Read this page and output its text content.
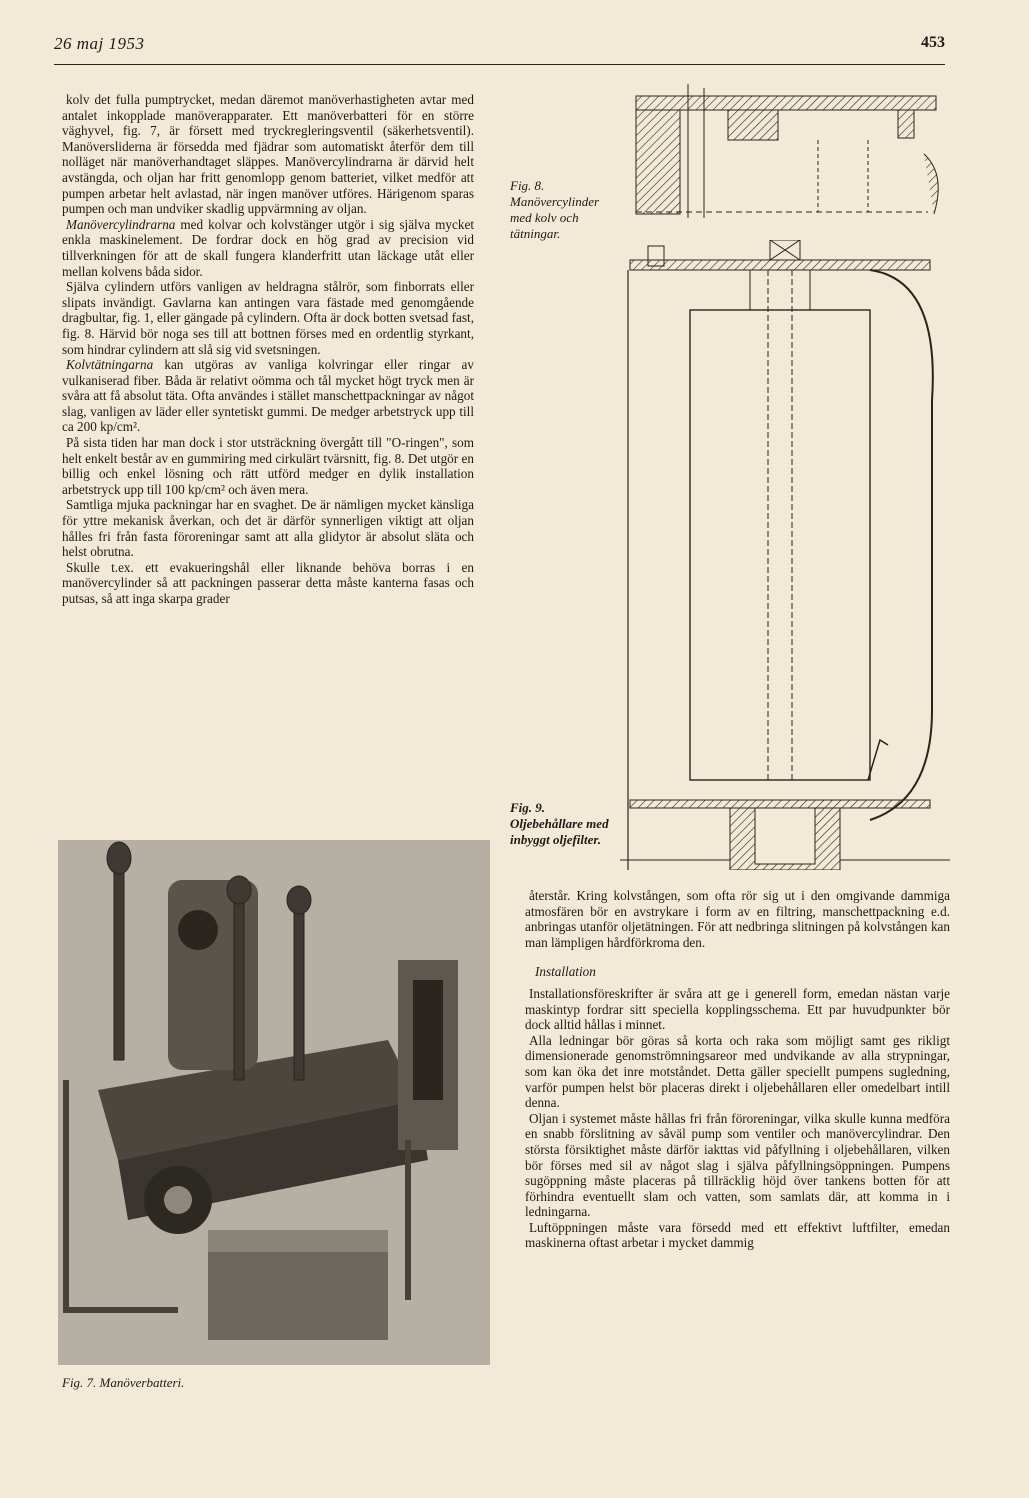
26 maj 1953	453

kolv det fulla pumptrycket, medan däremot manöverhastigheten avtar med antalet inkopplade manöverapparater. Ett manöverbatteri för en större väghyvel, fig. 7, är försett med tryckregleringsventil (säkerhetsventil). Manöversliderna är försedda med fjädrar som automatiskt återför dem till nolläget när manöverhandtaget släppes. Manövercylindrarna är därvid helt avstängda, och oljan har fritt genomlopp genom batteriet, vilket medför att pumpen arbetar helt avlastad, när ingen manöver utföres. Härigenom sparas pumpen och man undviker skadlig uppvärmning av oljan.

Manövercylindrarna med kolvar och kolvstänger utgör i sig själva mycket enkla maskinelement. De fordrar dock en hög grad av precision vid tillverkningen för att de skall fungera klanderfritt utan läckage utåt eller mellan kolvens båda sidor.

Själva cylindern utförs vanligen av heldragna stålrör, som finborrats eller slipats invändigt. Gavlarna kan antingen vara fästade med genomgående dragbultar, fig. 1, eller gängade på cylindern. Ofta är dock botten svetsad fast, fig. 8. Härvid bör noga ses till att bottnen förses med en ordentlig styrkant, som hindrar cylindern att slå sig vid svetsningen.

Kolvtätningarna kan utgöras av vanliga kolvringar eller ringar av vulkaniserad fiber. Båda är relativt oömma och tål mycket högt tryck men är svåra att få absolut täta. Ofta användes i stället manschettpackningar av något slag, vanligen av läder eller syntetiskt gummi. De medger arbetstryck upp till ca 200 kp/cm².

På sista tiden har man dock i stor utsträckning övergått till "O-ringen", som helt enkelt består av en gummiring med cirkulärt tvärsnitt, fig. 8. Det utgör en billig och enkel lösning och rätt utförd medger en dylik installation arbetstryck upp till 100 kp/cm² och även mera.

Samtliga mjuka packningar har en svaghet. De är nämligen mycket känsliga för yttre mekanisk åverkan, och det är därför synnerligen viktigt att oljan hålles fri från fasta föroreningar samt att alla glidytor är absolut släta och helst obrutna.

Skulle t.ex. ett evakueringshål eller liknande behöva borras i en manövercylinder så att packningen passerar detta måste kanterna fasas och putsas, så att inga skarpa grader

Fig. 8. Manövercylinder med kolv och tätningar.
Fig. 9. Oljebehållare med inbyggt oljefilter.
Fig. 7. Manöverbatteri.

återstår. Kring kolvstången, som ofta rör sig ut i den omgivande dammiga atmosfären bör en avstrykare i form av en filtring, manschettpackning e.d. anbringas utanför oljetätningen. För att nedbringa slitningen på kolvstången kan man lämpligen hårdförkroma den.

Installation

Installationsföreskrifter är svåra att ge i generell form, emedan nästan varje maskintyp fordrar sitt speciella kopplingsschema. Ett par huvudpunkter bör dock alltid hållas i minnet.

Alla ledningar bör göras så korta och raka som möjligt samt ges rikligt dimensionerade genomströmningsareor med undvikande av alla strypningar, som kan öka det inre motståndet. Detta gäller speciellt pumpens sugledning, varför pumpen helst bör placeras direkt i oljebehållaren eller omedelbart intill denna.

Oljan i systemet måste hållas fri från föroreningar, vilka skulle kunna medföra en snabb förslitning av såväl pump som ventiler och manövercylindrar. Den största försiktighet måste därför iakttas vid påfyllning i oljebehållaren, vilken bör förses med sil av något slag i själva påfyllningsöppningen. Pumpens sugöppning måste placeras på tillräcklig höjd över tankens botten för att förhindra eventuellt slam och vatten, som samlats där, att komma in i ledningarna.

Luftöppningen måste vara försedd med ett effektivt luftfilter, emedan maskinerna oftast arbetar i mycket dammig
